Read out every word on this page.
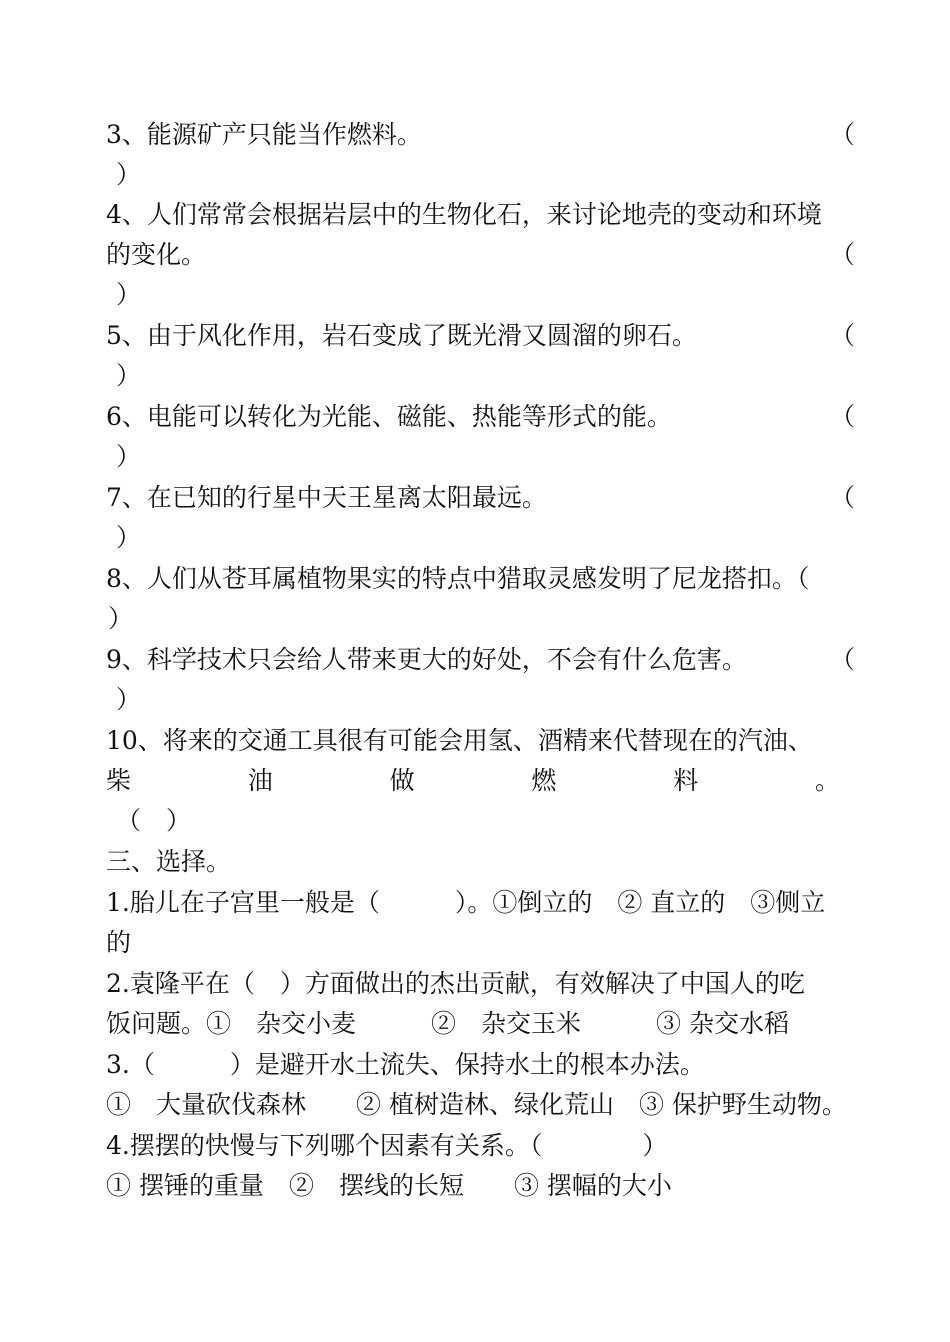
3、能源矿产只能当作燃料。	（
）
4、人们常常会根据岩层中的生物化石，来讨论地壳的变动和环境
的变化。	（
）
5、由于风化作用，岩石变成了既光滑又圆溜的卵石。	（
）
6、电能可以转化为光能、磁能、热能等形式的能。	（
）
7、在已知的行星中天王星离太阳最远。	（
）
8、人们从苍耳属植物果实的特点中猎取灵感发明了尼龙搭扣。（
）
9、科学技术只会给人带来更大的好处，不会有什么危害。	（
）
10、将来的交通工具很有可能会用氢、酒精来代替现在的汽油、
柴	油	做	燃	料	。
（　）
三、选择。
1.胎儿在子宫里一般是（　　　）。①倒立的　② 直立的　③侧立
的
2.袁隆平在（　）方面做出的杰出贡献，有效解决了中国人的吃
饭问题。①　杂交小麦　　　②　杂交玉米　　　③ 杂交水稻
3.（　　　）是避开水土流失、保持水土的根本办法。
①　大量砍伐森林　　② 植树造林、绿化荒山　③ 保护野生动物。
4.摆摆的快慢与下列哪个因素有关系。（　　　　）
① 摆锤的重量　②　摆线的长短　　③ 摆幅的大小
